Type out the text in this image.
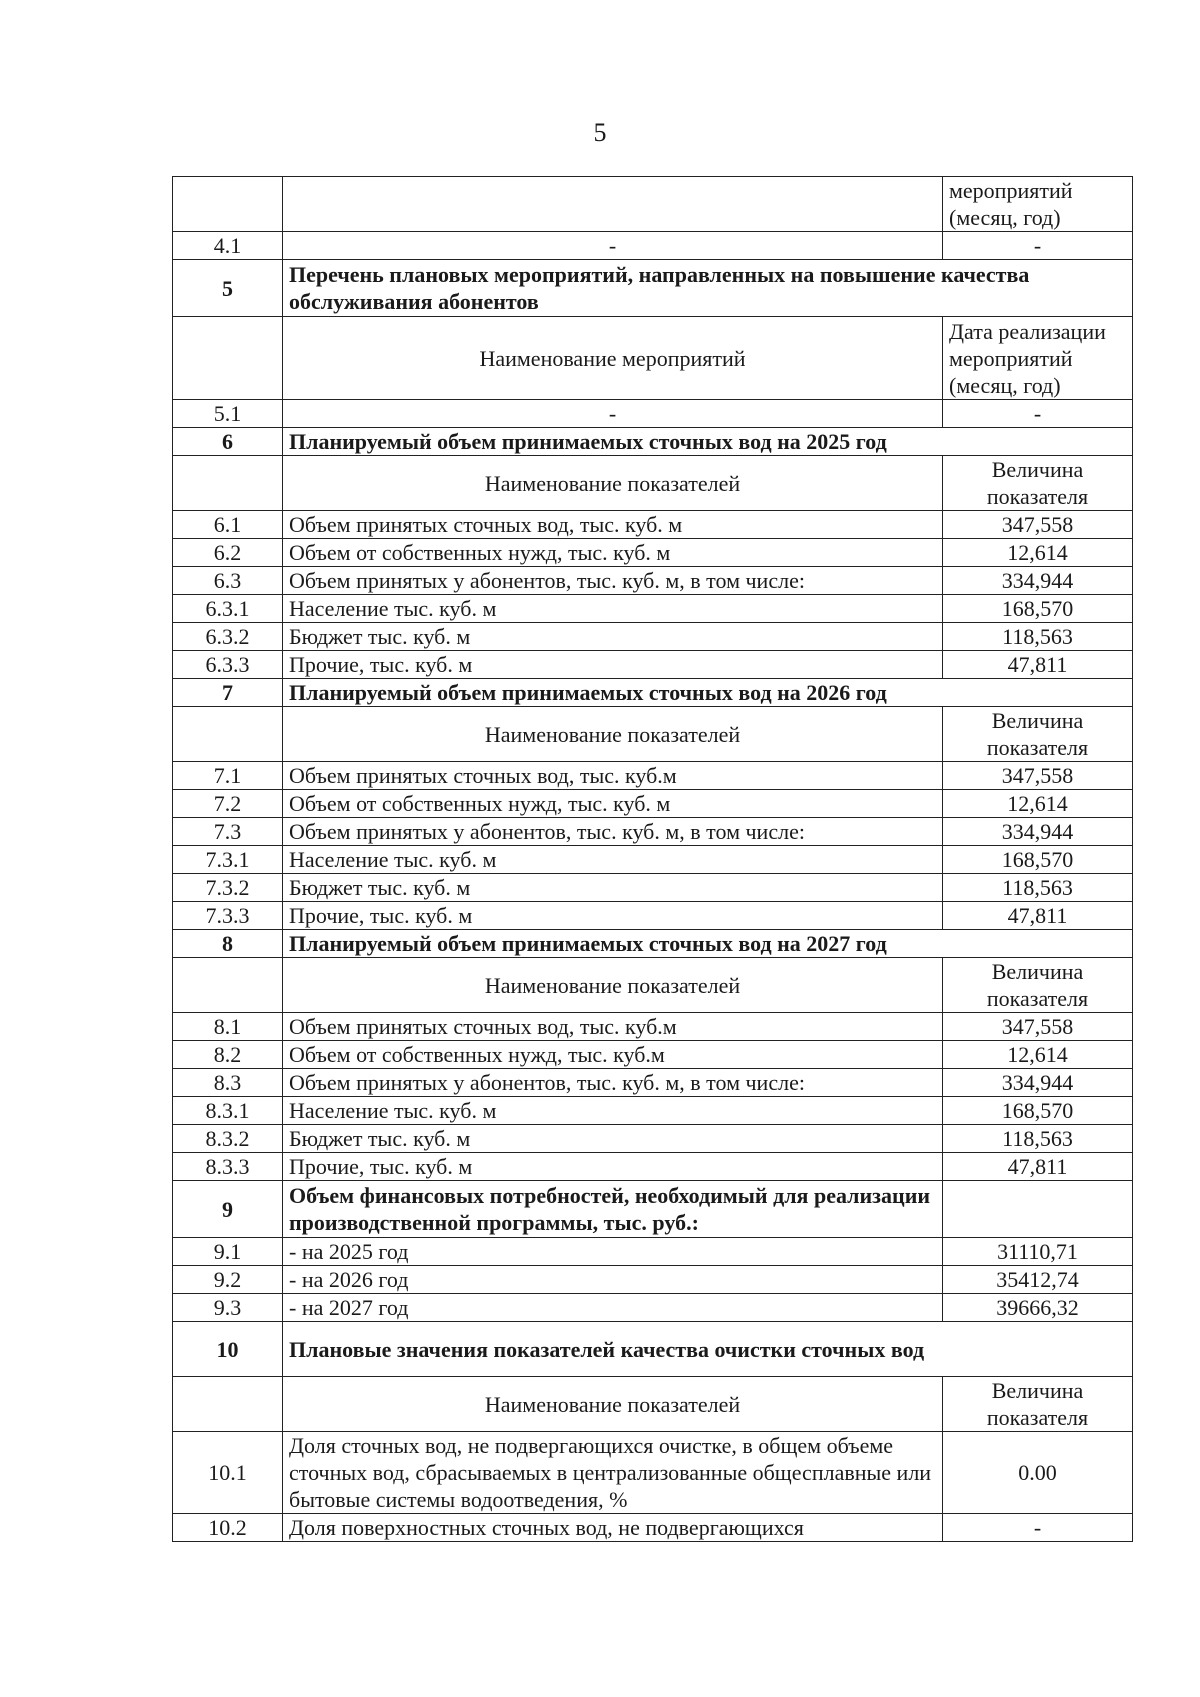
5
		мероприятий (месяц, год)
4.1	-	-
5	Перечень плановых мероприятий, направленных на повышение качества обслуживания абонентов	
	Наименование мероприятий	Дата реализации мероприятий (месяц, год)
5.1	-	-
6	Планируемый объем принимаемых сточных вод на 2025 год	
	Наименование показателей	Величина показателя
6.1	Объем принятых сточных вод, тыс. куб. м	347,558
6.2	Объем от собственных нужд, тыс. куб. м	12,614
6.3	Объем принятых у абонентов, тыс. куб. м, в том числе:	334,944
6.3.1	Население тыс. куб. м	168,570
6.3.2	Бюджет тыс. куб. м	118,563
6.3.3	Прочие, тыс. куб. м	47,811
7	Планируемый объем принимаемых сточных вод на 2026 год	
	Наименование показателей	Величина показателя
7.1	Объем принятых сточных вод, тыс. куб.м	347,558
7.2	Объем от собственных нужд, тыс. куб. м	12,614
7.3	Объем принятых у абонентов, тыс. куб. м, в том числе:	334,944
7.3.1	Население тыс. куб. м	168,570
7.3.2	Бюджет тыс. куб. м	118,563
7.3.3	Прочие, тыс. куб. м	47,811
8	Планируемый объем принимаемых сточных вод на 2027 год	
	Наименование показателей	Величина показателя
8.1	Объем принятых сточных вод, тыс. куб.м	347,558
8.2	Объем от собственных нужд, тыс. куб.м	12,614
8.3	Объем принятых у абонентов, тыс. куб. м, в том числе:	334,944
8.3.1	Население тыс. куб. м	168,570
8.3.2	Бюджет тыс. куб. м	118,563
8.3.3	Прочие, тыс. куб. м	47,811
9	Объем финансовых потребностей, необходимый для реализации производственной программы, тыс. руб.:	
9.1	- на 2025 год	31110,71
9.2	- на 2026 год	35412,74
9.3	- на 2027 год	39666,32
10	Плановые значения показателей качества очистки сточных вод	
	Наименование показателей	Величина показателя
10.1	Доля сточных вод, не подвергающихся очистке, в общем объеме сточных вод, сбрасываемых в централизованные общесплавные или бытовые системы водоотведения, %	0.00
10.2	Доля поверхностных сточных вод, не подвергающихся	-
